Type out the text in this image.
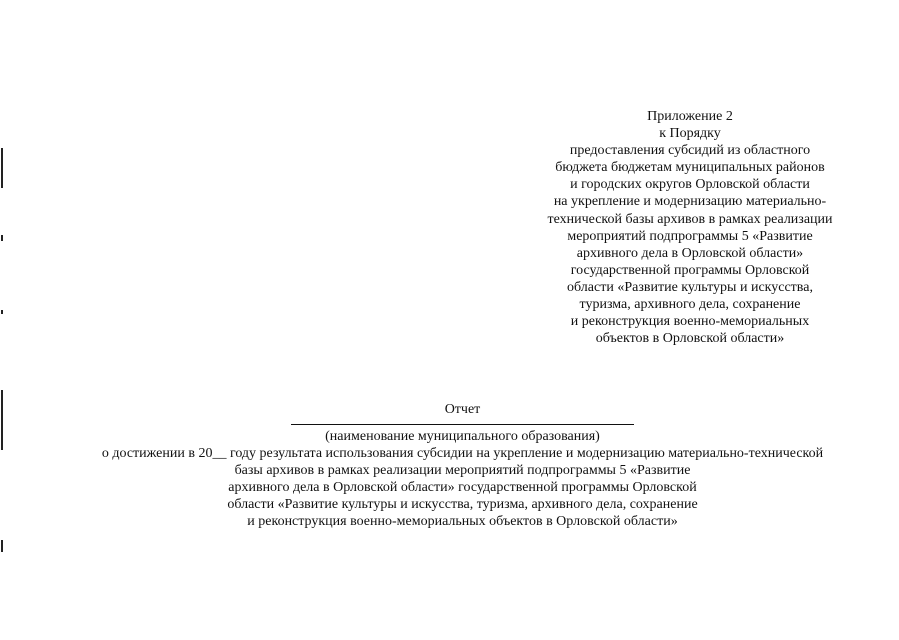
Приложение 2
к Порядку
предоставления субсидий из областного
бюджета бюджетам муниципальных районов
и городских округов Орловской области
на укрепление и модернизацию материально-
технической базы архивов в рамках реализации
мероприятий подпрограммы 5 «Развитие
архивного дела в Орловской области»
государственной программы Орловской
области «Развитие культуры и искусства,
туризма, архивного дела, сохранение
и реконструкция военно-мемориальных
объектов в Орловской области»
Отчет
(наименование муниципального образования)
о достижении в 20__ году результата использования субсидии на укрепление и модернизацию материально-технической
базы архивов в рамках реализации мероприятий подпрограммы 5 «Развитие
архивного дела в Орловской области» государственной программы Орловской
области «Развитие культуры и искусства, туризма, архивного дела, сохранение
и реконструкция военно-мемориальных объектов в Орловской области»
